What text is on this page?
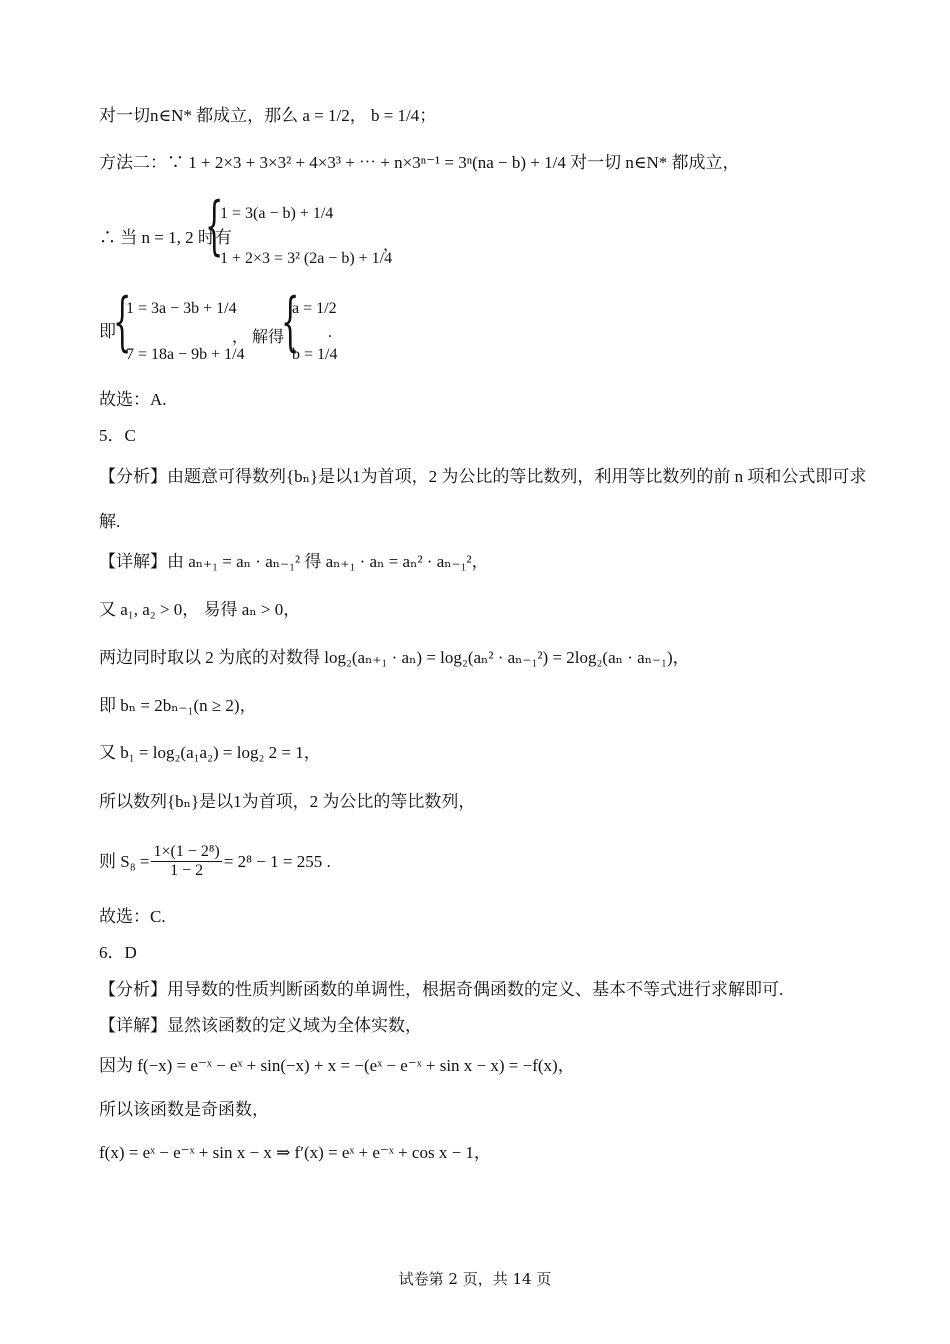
对一切n∈N* 都成立，那么 a = 1/2， b = 1/4；
方法二：∵ 1 + 2×3 + 3×3² + 4×3³ + ⋯ + n×3ⁿ⁻¹ = 3ⁿ(na − b) + 1/4 对一切 n∈N* 都成立，
∴ 当 n = 1, 2 时有
{
1 = 3(a − b) + 1/4
1 + 2×3 = 3² (2a − b) + 1/4
，
即
{
1 = 3a − 3b + 1/4
7 = 18a − 9b + 1/4
， 解得
{
a = 1/2
b = 1/4
.
故选：A.
5．C
【分析】由题意可得数列{bₙ}是以1为首项，2 为公比的等比数列，利用等比数列的前 n 项和公式即可求
解.
【详解】由 aₙ₊₁ = aₙ · aₙ₋₁² 得 aₙ₊₁ · aₙ = aₙ² · aₙ₋₁²，
又 a₁, a₂ > 0， 易得 aₙ > 0，
两边同时取以 2 为底的对数得 log₂(aₙ₊₁ · aₙ) = log₂(aₙ² · aₙ₋₁²) = 2log₂(aₙ · aₙ₋₁)，
即 bₙ = 2bₙ₋₁(n ≥ 2)，
又 b₁ = log₂(a₁a₂) = log₂ 2 = 1，
所以数列{bₙ}是以1为首项，2 为公比的等比数列，
则 $S_8 = \frac{\text{1×(1 − 2⁸)}}{1 - 2} = 2^8 - 1 = 255$ .
故选：C.
6．D
【分析】用导数的性质判断函数的单调性，根据奇偶函数的定义、基本不等式进行求解即可.
【详解】显然该函数的定义域为全体实数，
因为 f(−x) = e⁻ˣ − eˣ + sin(−x) + x = −(eˣ − e⁻ˣ + sin x − x) = −f(x)，
所以该函数是奇函数，
f(x) = eˣ − e⁻ˣ + sin x − x ⇒ f′(x) = eˣ + e⁻ˣ + cos x − 1，
试卷第 2 页，共 14 页
